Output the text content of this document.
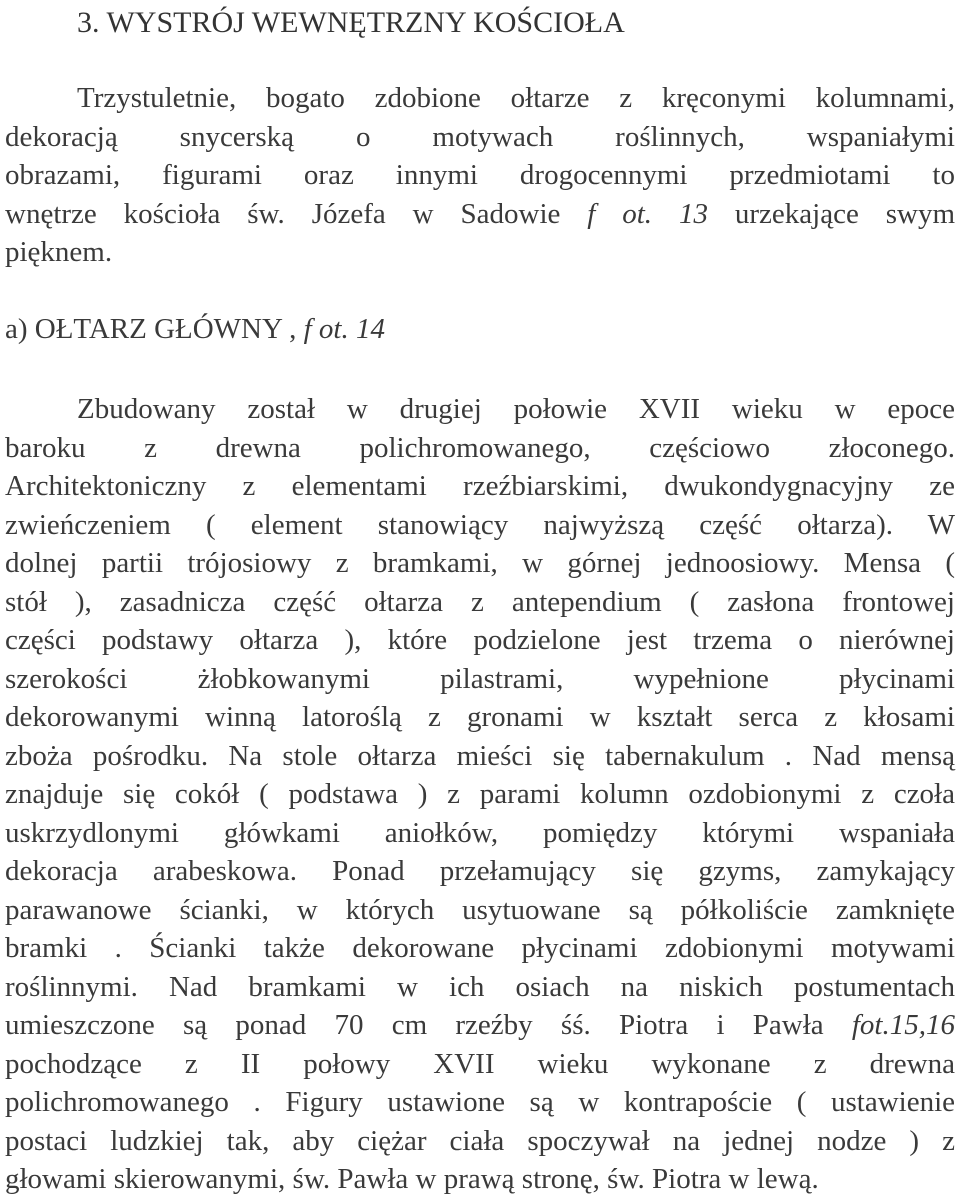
3. WYSTRÓJ WEWNĘTRZNY KOŚCIOŁA
Trzystuletnie, bogato zdobione ołtarze z kręconymi kolumnami,
dekoracją snycerską o motywach roślinnych, wspaniałymi
obrazami, figurami oraz innymi drogocennymi przedmiotami to
wnętrze kościoła św. Józefa w Sadowie f ot. 13 urzekające swym
pięknem.
a) OŁTARZ GŁÓWNY , f ot. 14
Zbudowany został w drugiej połowie XVII wieku w epoce
baroku z drewna polichromowanego, częściowo złoconego.
Architektoniczny z elementami rzeźbiarskimi, dwukondygnacyjny ze
zwieńczeniem ( element stanowiący najwyższą część ołtarza). W
dolnej partii trójosiowy z bramkami, w górnej jednoosiowy. Mensa (
stół ), zasadnicza część ołtarza z antependium ( zasłona frontowej
części podstawy ołtarza ), które podzielone jest trzema o nierównej
szerokości żłobkowanymi pilastrami, wypełnione płycinami
dekorowanymi winną latoroślą z gronami w kształt serca z kłosami
zboża pośrodku. Na stole ołtarza mieści się tabernakulum . Nad mensą
znajduje się cokół ( podstawa ) z parami kolumn ozdobionymi z czoła
uskrzydlonymi główkami aniołków, pomiędzy którymi wspaniała
dekoracja arabeskowa. Ponad przełamujący się gzyms, zamykający
parawanowe ścianki, w których usytuowane są półkoliście zamknięte
bramki . Ścianki także dekorowane płycinami zdobionymi motywami
roślinnymi. Nad bramkami w ich osiach na niskich postumentach
umieszczone są ponad 70 cm rzeźby śś. Piotra i Pawła fot.15,16
pochodzące z II połowy XVII wieku wykonane z drewna
polichromowanego . Figury ustawione są w kontrapoście ( ustawienie
postaci ludzkiej tak, aby ciężar ciała spoczywał na jednej nodze ) z
głowami skierowanymi, św. Pawła w prawą stronę, św. Piotra w lewą.
